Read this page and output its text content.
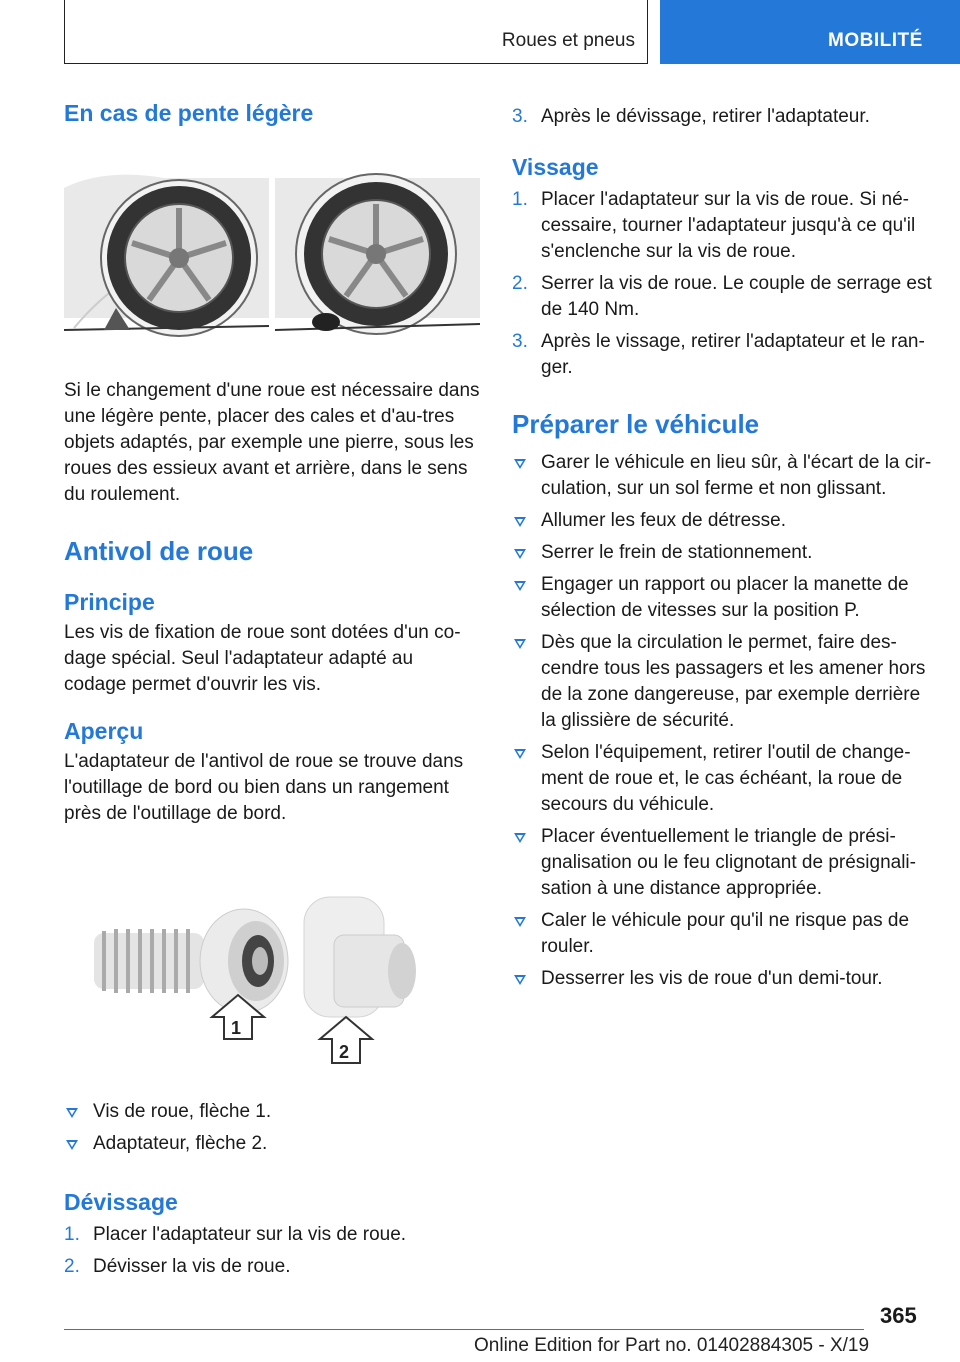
Roues et pneus	MOBILITÉ
En cas de pente légère

Si le changement d'une roue est nécessaire dans une légère pente, placer des cales et d'au-tres objets adaptés, par exemple une pierre, sous les roues des essieux avant et arrière, dans le sens du roulement.

Antivol de roue
Principe

Les vis de fixation de roue sont dotées d'un co-dage spécial. Seul l'adaptateur adapté au codage permet d'ouvrir les vis.

Aperçu

L'adaptateur de l'antivol de roue se trouve dans l'outillage de bord ou bien dans un rangement près de l'outillage de bord.

1
2
Vis de roue, flèche 1.
Adaptateur, flèche 2.
Dévissage
1. Placer l'adaptateur sur la vis de roue.
2. Dévisser la vis de roue.
3. Après le dévissage, retirer l'adaptateur.
Vissage
1. Placer l'adaptateur sur la vis de roue. Si né-cessaire, tourner l'adaptateur jusqu'à ce qu'il s'enclenche sur la vis de roue.
2. Serrer la vis de roue. Le couple de serrage est de 140 Nm.
3. Après le vissage, retirer l'adaptateur et le ran-ger.
Préparer le véhicule
Garer le véhicule en lieu sûr, à l'écart de la cir-culation, sur un sol ferme et non glissant.
Allumer les feux de détresse.
Serrer le frein de stationnement.
Engager un rapport ou placer la manette de sélection de vitesses sur la position P.
Dès que la circulation le permet, faire des-cendre tous les passagers et les amener hors de la zone dangereuse, par exemple derrière la glissière de sécurité.
Selon l'équipement, retirer l'outil de change-ment de roue et, le cas échéant, la roue de secours du véhicule.
Placer éventuellement le triangle de prési-gnalisation ou le feu clignotant de présignali-sation à une distance appropriée.
Caler le véhicule pour qu'il ne risque pas de rouler.
Desserrer les vis de roue d'un demi-tour.
365
Online Edition for Part no. 01402884305 - X/19
